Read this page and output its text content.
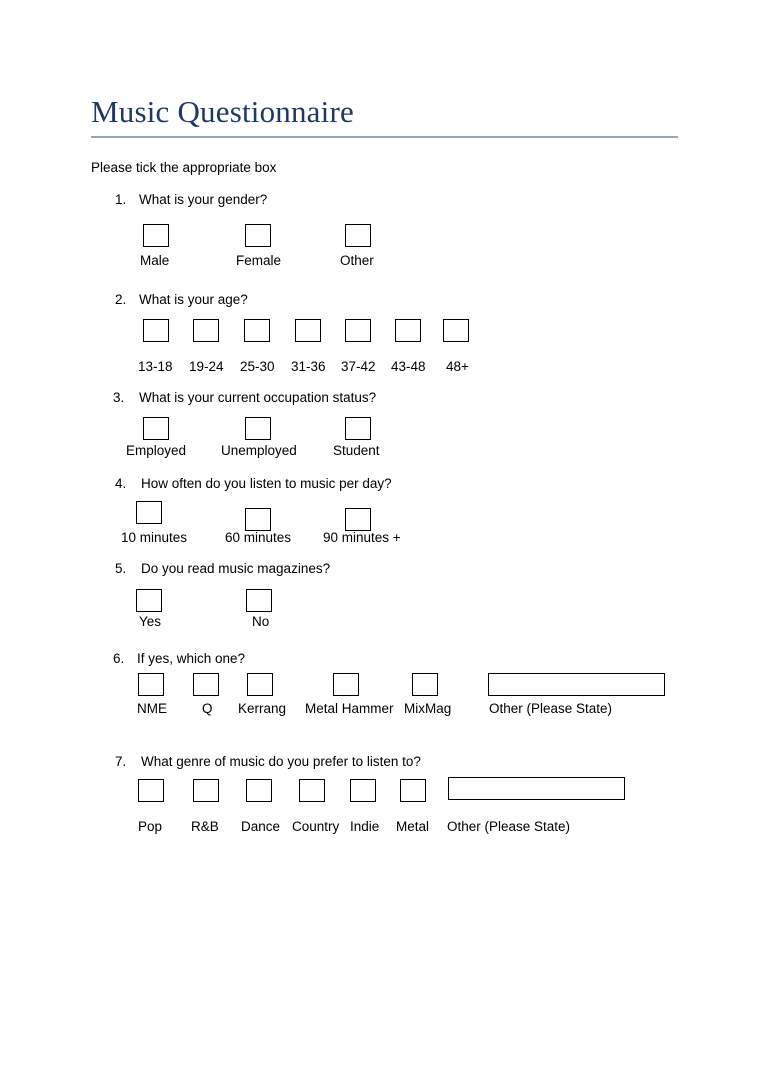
Music Questionnaire
Please tick the appropriate box
1. What is your gender?
Male	Female	Other
2. What is your age?
13-18 19-24 25-30 31-36 37-42 43-48 48+
3. What is your current occupation status?
Employed	Unemployed	Student
4. How often do you listen to music per day?
10 minutes	60 minutes 90 minutes +
5. Do you read music magazines?
Yes	No
6. If yes, which one?
NME	Q Kerrang Metal Hammer MixMag	Other (Please State)
7. What genre of music do you prefer to listen to?
Pop R&B Dance Country Indie Metal Other (Please State)
